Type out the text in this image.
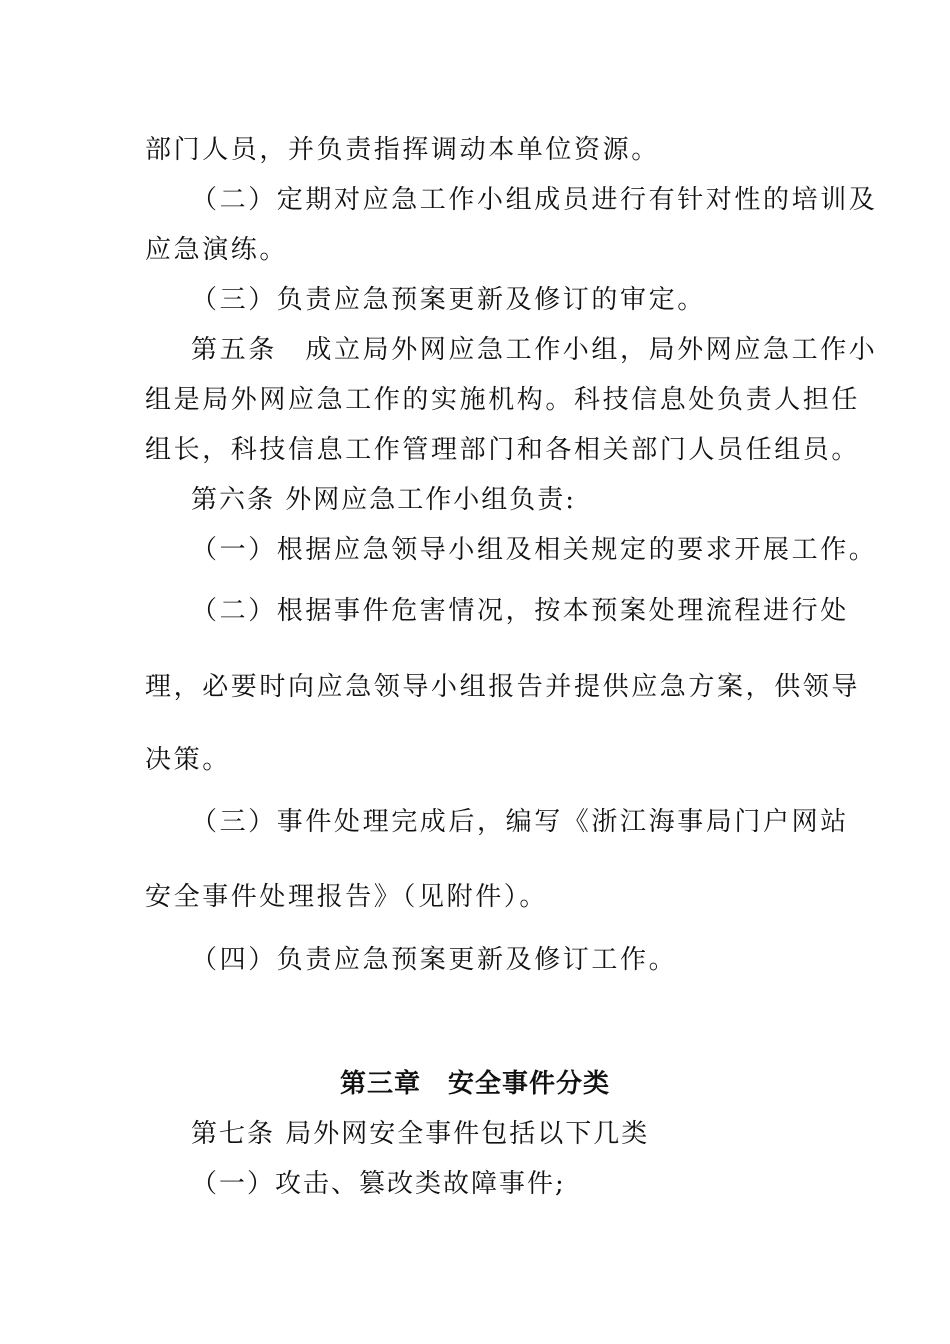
部门人员，并负责指挥调动本单位资源。
（二）定期对应急工作小组成员进行有针对性的培训及
应急演练。
（三）负责应急预案更新及修订的审定。
第五条　成立局外网应急工作小组，局外网应急工作小
组是局外网应急工作的实施机构。科技信息处负责人担任
组长，科技信息工作管理部门和各相关部门人员任组员。
第六条 外网应急工作小组负责:
（一）根据应急领导小组及相关规定的要求开展工作。
（二）根据事件危害情况，按本预案处理流程进行处
理，必要时向应急领导小组报告并提供应急方案，供领导
决策。
（三）事件处理完成后，编写《浙江海事局门户网站
安全事件处理报告》（见附件）。
（四）负责应急预案更新及修订工作。
第三章　安全事件分类
第七条 局外网安全事件包括以下几类
（一）攻击、篡改类故障事件;
